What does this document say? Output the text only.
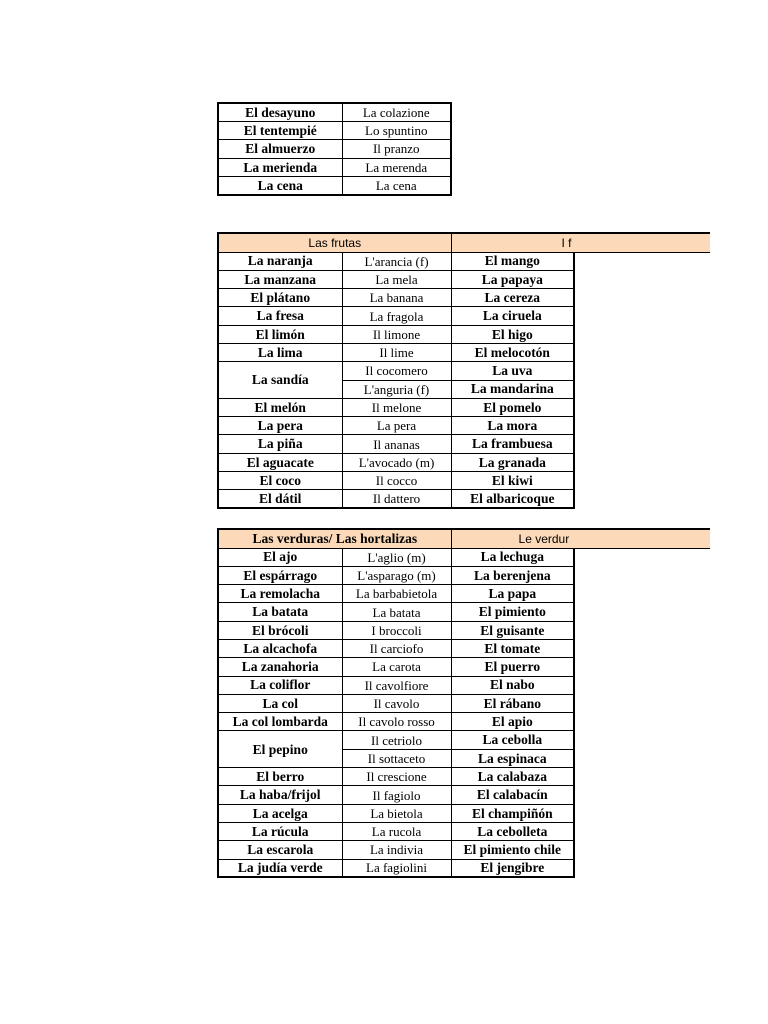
El desayuno	La colazione
El tentempié	Lo spuntino
El almuerzo	Il pranzo
La merienda	La merenda
La cena	La cena
Las frutas		I f
La naranja	L'arancia (f)	El mango
La manzana	La mela	La papaya
El plátano	La banana	La cereza
La fresa	La fragola	La ciruela
El limón	Il limone	El higo
La lima	Il lime	El melocotón
La sandía	Il cocomero	La uva
	L'anguria (f)	La mandarina
El melón	Il melone	El pomelo
La pera	La pera	La mora
La piña	Il ananas	La frambuesa
El aguacate	L'avocado (m)	La granada
El coco	Il cocco	El kiwi
El dátil	Il dattero	El albaricoque
Las verduras/ Las hortalizas		Le verdur
El ajo	L'aglio (m)	La lechuga
El espárrago	L'asparago (m)	La berenjena
La remolacha	La barbabietola	La papa
La batata	La batata	El pimiento
El brócoli	I broccoli	El guisante
La alcachofa	Il carciofo	El tomate
La zanahoria	La carota	El puerro
La coliflor	Il cavolfiore	El nabo
La col	Il cavolo	El rábano
La col lombarda	Il cavolo rosso	El apio
El pepino	Il cetriolo	La cebolla
	Il sottaceto	La espinaca
El berro	Il crescione	La calabaza
La haba/frijol	Il fagiolo	El calabacín
La acelga	La bietola	El champiñón
La rúcula	La rucola	La cebolleta
La escarola	La indivia	El pimiento chile
La judía verde	La fagiolini	El jengibre
